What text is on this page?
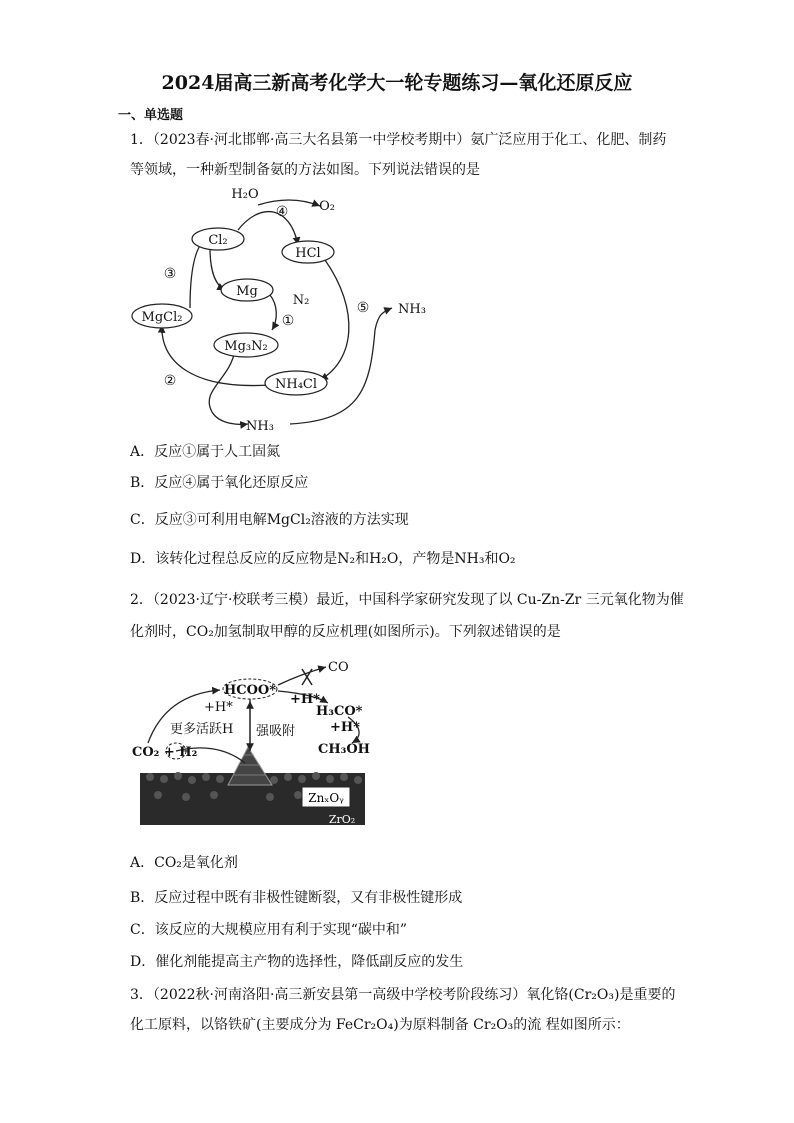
2024届高三新高考化学大一轮专题练习—氧化还原反应
一、单选题
1．（2023春·河北邯郸·高三大名县第一中学校考期中）氨广泛应用于化工、化肥、制药
等领域，一种新型制备氨的方法如图。下列说法错误的是
H₂O
O₂
Cl₂
HCl
Mg
N₂
MgCl₂
Mg₃N₂
NH₄Cl
NH₃
NH₃
④
①
③
②
⑤
A．反应①属于人工固氮
B．反应④属于氧化还原反应
C．反应③可利用电解MgCl₂溶液的方法实现
D．该转化过程总反应的反应物是N₂和H₂O，产物是NH₃和O₂
2．（2023·辽宁·校联考三模）最近，中国科学家研究发现了以 Cu-Zn-Zr 三元氧化物为催
化剂时，CO₂加氢制取甲醇的反应机理(如图所示)。下列叙述错误的是
ZnₓOᵧ
ZrO₂
HCOO*
CO
+H*
+H*
H₃CO*
+H*
CH₃OH
更多活跃H 强吸附
CO₂ + H₂
A．CO₂是氧化剂
B．反应过程中既有非极性键断裂，又有非极性键形成
C．该反应的大规模应用有利于实现“碳中和”
D．催化剂能提高主产物的选择性，降低副反应的发生
3．（2022秋·河南洛阳·高三新安县第一高级中学校考阶段练习）氧化铬(Cr₂O₃)是重要的
化工原料，以铬铁矿(主要成分为 FeCr₂O₄)为原料制备 Cr₂O₃的流 程如图所示：
